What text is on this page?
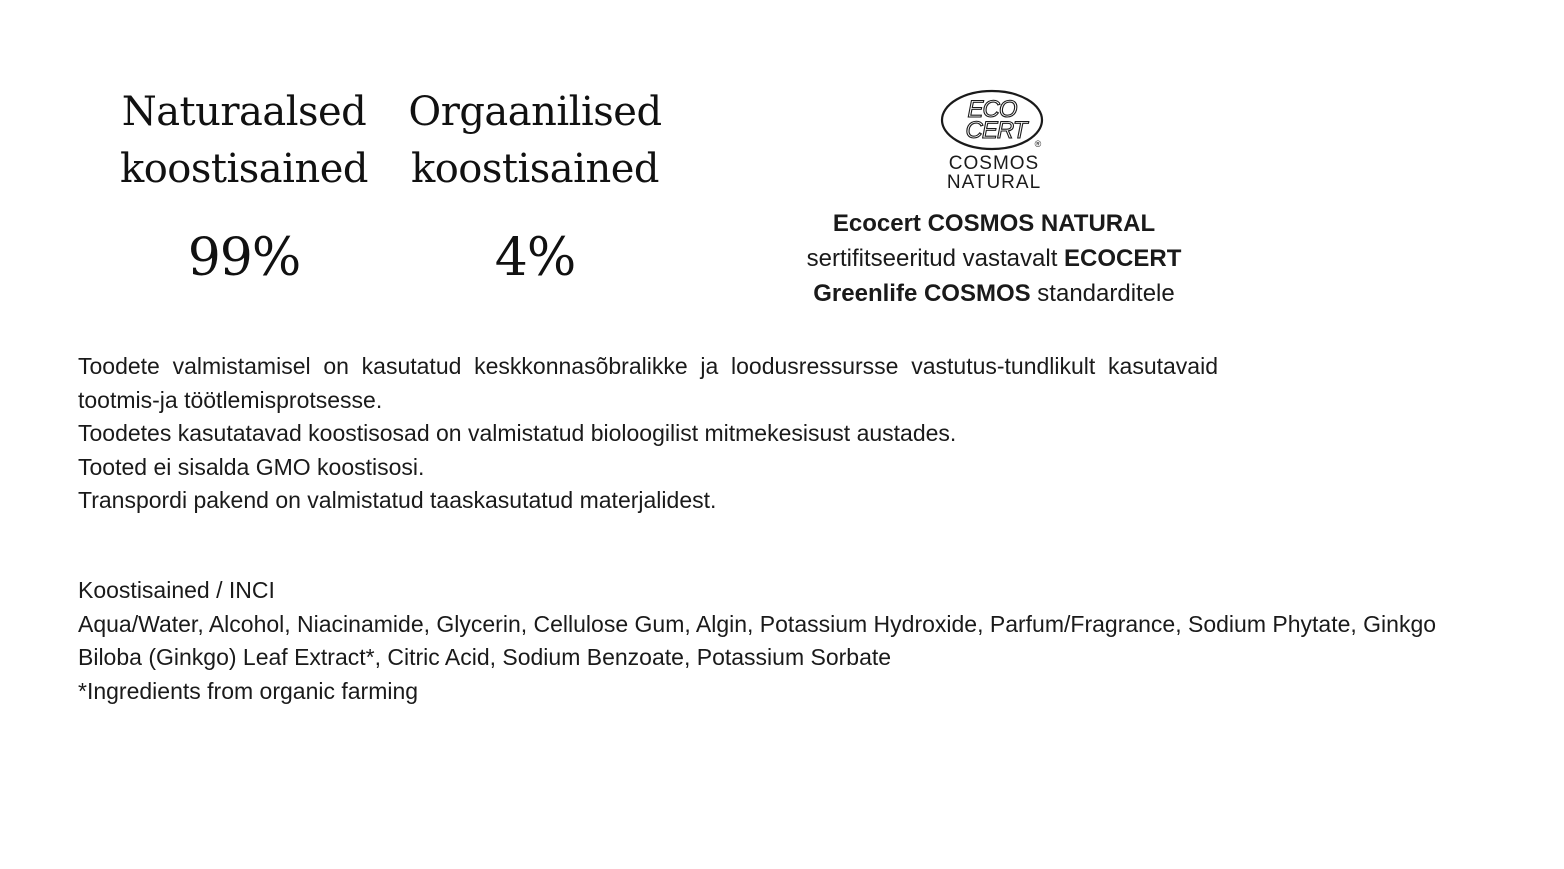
Naturaalsed
koostisained
99%
Orgaanilised
koostisained
4%
ECO
CERT ®
COSMOS
NATURAL
Ecocert COSMOS NATURAL
sertifitseeritud vastavalt ECOCERT
Greenlife COSMOS standarditele

Toodete valmistamisel on kasutatud keskkonnasõbralikke ja loodusressursse vastutus-tundlikult kasutavaid tootmis-ja töötlemisprotsesse.

Toodetes kasutatavad koostisosad on valmistatud bioloogilist mitmekesisust austades.

Tooted ei sisalda GMO koostisosi.

Transpordi pakend on valmistatud taaskasutatud materjalidest.

Koostisained / INCI

Aqua/Water, Alcohol, Niacinamide, Glycerin, Cellulose Gum, Algin, Potassium Hydroxide, Parfum/Fragrance, Sodium Phytate, Ginkgo Biloba (Ginkgo) Leaf Extract*, Citric Acid, Sodium Benzoate, Potassium Sorbate

*Ingredients from organic farming
